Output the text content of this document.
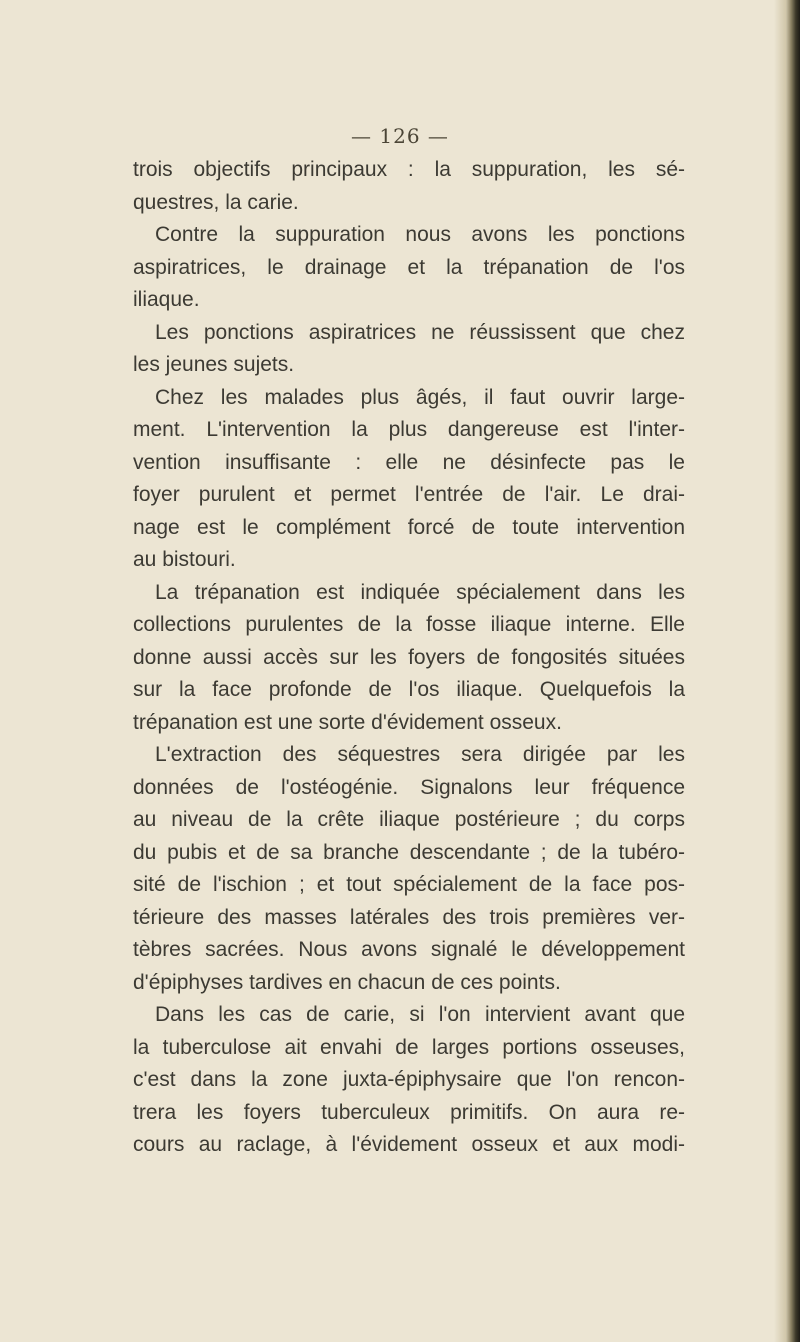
— 126 —

trois objectifs principaux : la suppuration, les sé-
questres, la carie.

Contre la suppuration nous avons les ponctions
aspiratrices, le drainage et la trépanation de l'os
iliaque.

Les ponctions aspiratrices ne réussissent que chez
les jeunes sujets.

Chez les malades plus âgés, il faut ouvrir large-
ment. L'intervention la plus dangereuse est l'inter-
vention insuffisante : elle ne désinfecte pas le
foyer purulent et permet l'entrée de l'air. Le drai-
nage est le complément forcé de toute intervention
au bistouri.

La trépanation est indiquée spécialement dans les
collections purulentes de la fosse iliaque interne. Elle
donne aussi accès sur les foyers de fongosités situées
sur la face profonde de l'os iliaque. Quelquefois la
trépanation est une sorte d'évidement osseux.

L'extraction des séquestres sera dirigée par les
données de l'ostéogénie. Signalons leur fréquence
au niveau de la crête iliaque postérieure ; du corps
du pubis et de sa branche descendante ; de la tubéro-
sité de l'ischion ; et tout spécialement de la face pos-
térieure des masses latérales des trois premières ver-
tèbres sacrées. Nous avons signalé le développement
d'épiphyses tardives en chacun de ces points.

Dans les cas de carie, si l'on intervient avant que
la tuberculose ait envahi de larges portions osseuses,
c'est dans la zone juxta-épiphysaire que l'on rencon-
trera les foyers tuberculeux primitifs. On aura re-
cours au raclage, à l'évidement osseux et aux modi-
